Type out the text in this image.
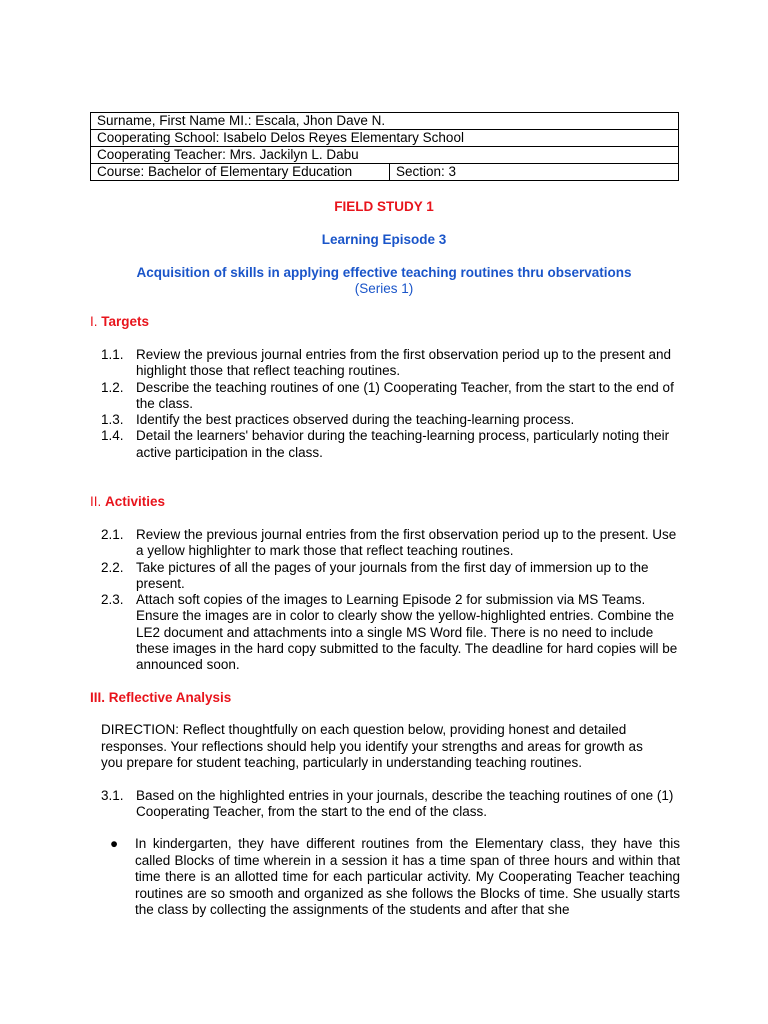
Surname, First Name MI.: Escala, Jhon Dave N.
Cooperating School: Isabelo Delos Reyes Elementary School
Cooperating Teacher: Mrs. Jackilyn L. Dabu
Course: Bachelor of Elementary Education	Section: 3
FIELD STUDY 1
Learning Episode 3
Acquisition of skills in applying effective teaching routines thru observations
(Series 1)
I. Targets
1.1. Review the previous journal entries from the first observation period up to the present and highlight those that reflect teaching routines.
1.2. Describe the teaching routines of one (1) Cooperating Teacher, from the start to the end of the class.
1.3. Identify the best practices observed during the teaching-learning process.
1.4. Detail the learners' behavior during the teaching-learning process, particularly noting their active participation in the class.
II. Activities
2.1. Review the previous journal entries from the first observation period up to the present. Use a yellow highlighter to mark those that reflect teaching routines.
2.2. Take pictures of all the pages of your journals from the first day of immersion up to the present.
2.3. Attach soft copies of the images to Learning Episode 2 for submission via MS Teams. Ensure the images are in color to clearly show the yellow-highlighted entries. Combine the LE2 document and attachments into a single MS Word file. There is no need to include these images in the hard copy submitted to the faculty. The deadline for hard copies will be announced soon.
III. Reflective Analysis
DIRECTION: Reflect thoughtfully on each question below, providing honest and detailed responses. Your reflections should help you identify your strengths and areas for growth as you prepare for student teaching, particularly in understanding teaching routines.
3.1. Based on the highlighted entries in your journals, describe the teaching routines of one (1) Cooperating Teacher, from the start to the end of the class.
●	In kindergarten, they have different routines from the Elementary class, they have this called Blocks of time wherein in a session it has a time span of three hours and within that time there is an allotted time for each particular activity. My Cooperating Teacher teaching routines are so smooth and organized as she follows the Blocks of time. She usually starts the class by collecting the assignments of the students and after that she
